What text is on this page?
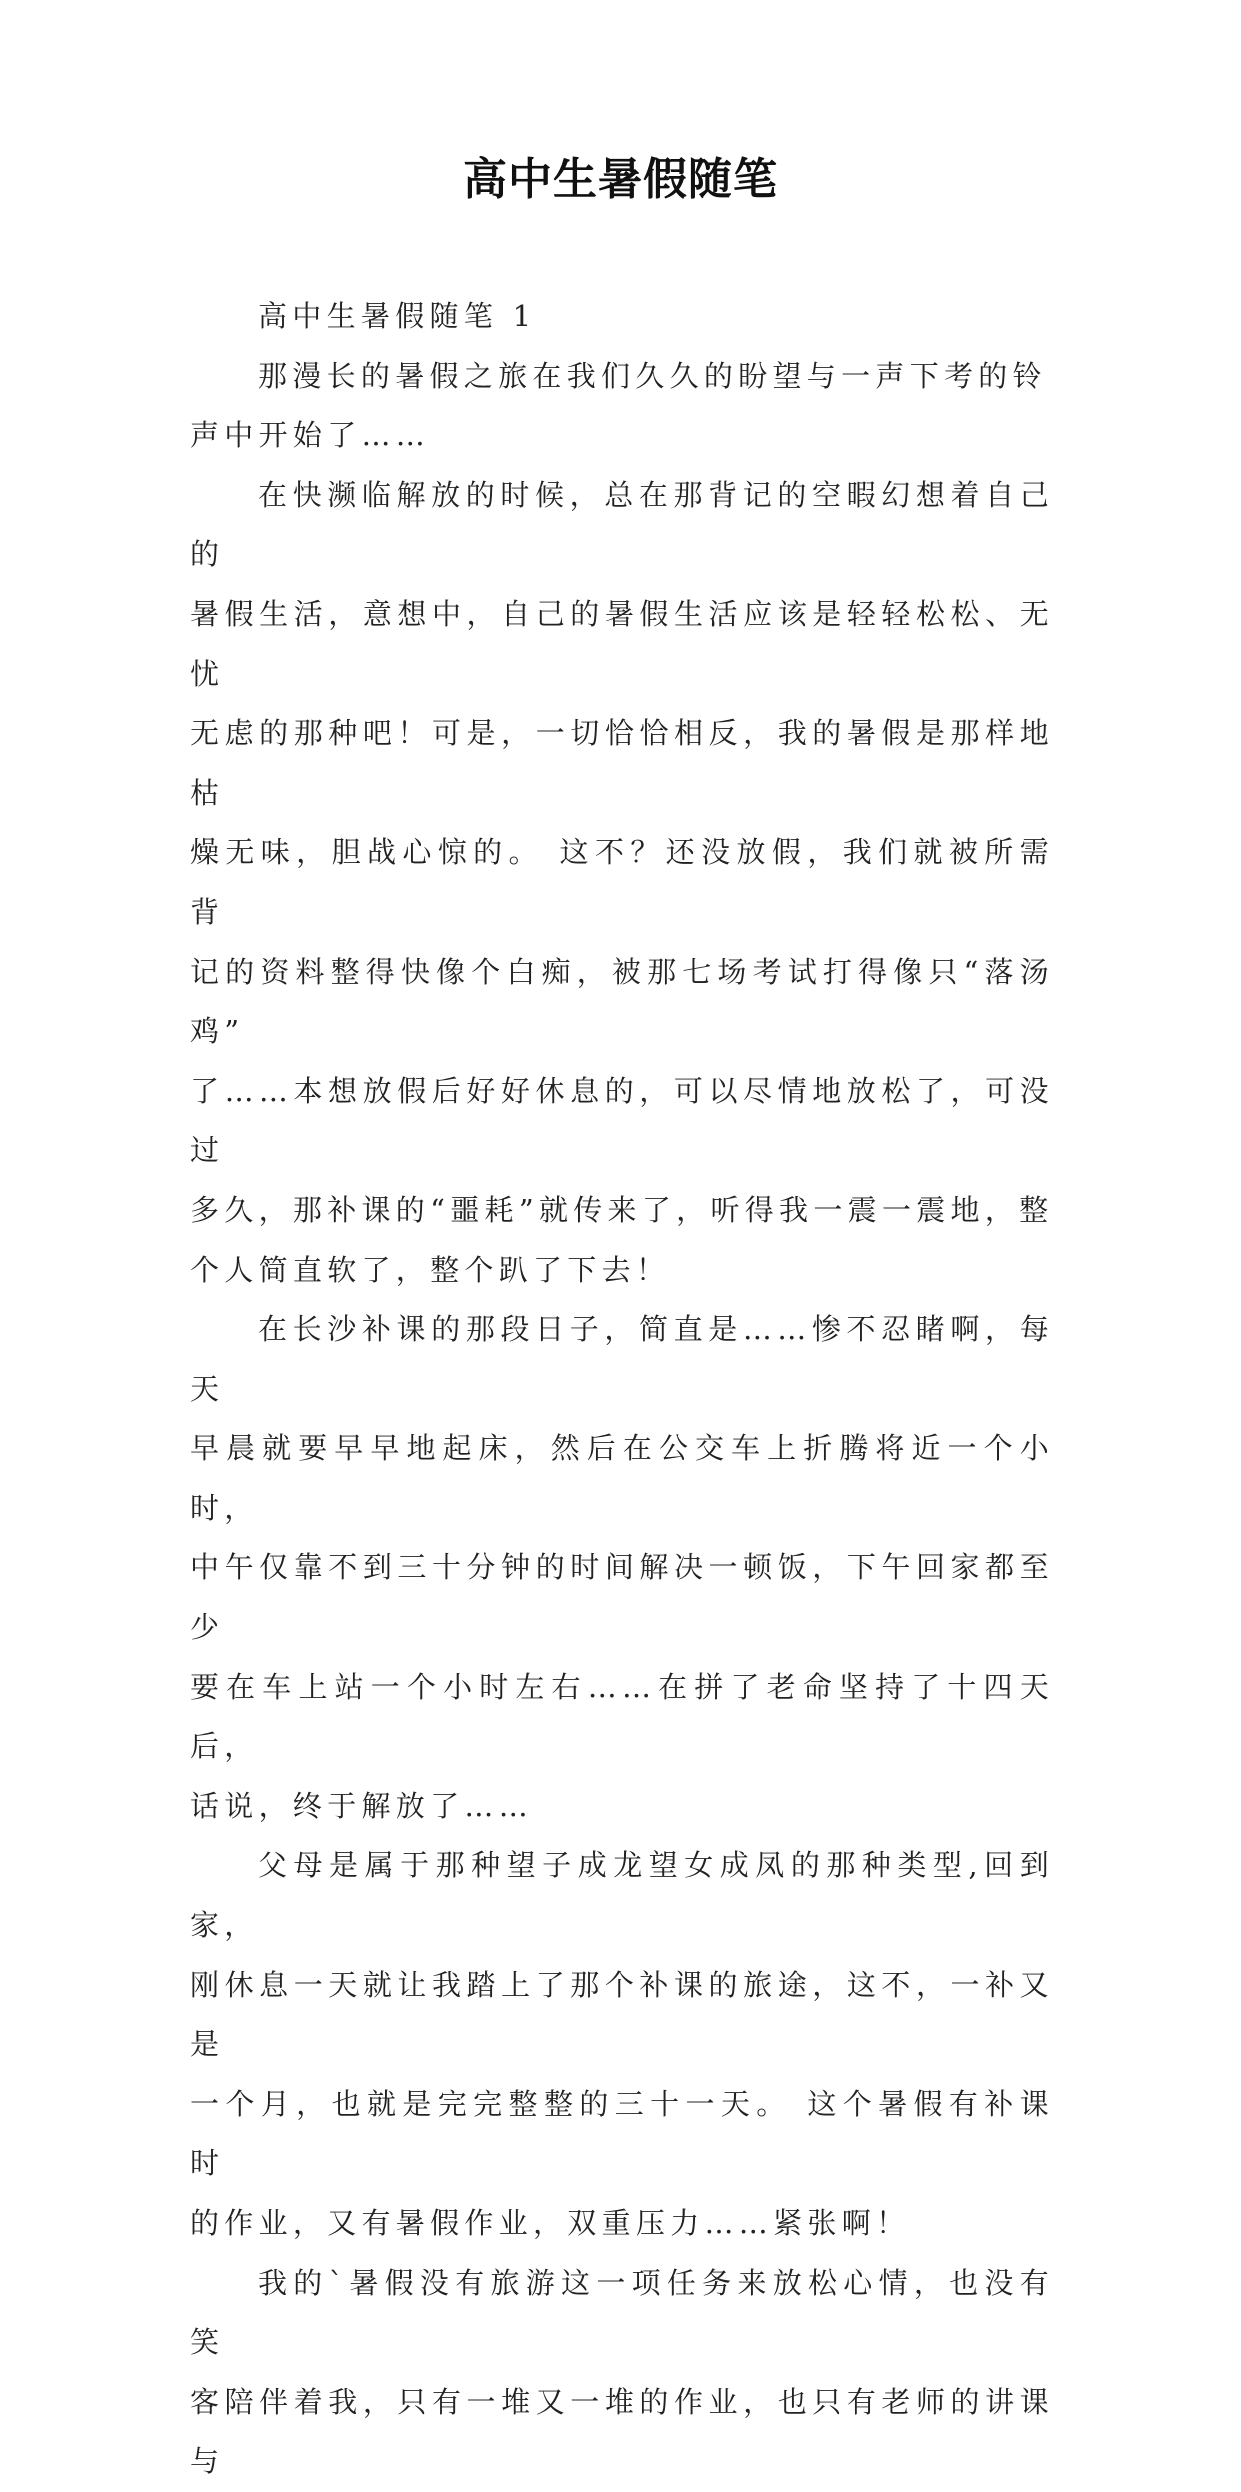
高中生暑假随笔

高中生暑假随笔 1

那漫长的暑假之旅在我们久久的盼望与一声下考的铃
声中开始了……

在快濒临解放的时候，总在那背记的空暇幻想着自己的
暑假生活，意想中，自己的暑假生活应该是轻轻松松、无忧
无虑的那种吧！可是，一切恰恰相反，我的暑假是那样地枯
燥无味，胆战心惊的。 这不？还没放假，我们就被所需背
记的资料整得快像个白痴，被那七场考试打得像只“落汤鸡”
了……本想放假后好好休息的，可以尽情地放松了，可没过
多久，那补课的“噩耗”就传来了，听得我一震一震地，整
个人简直软了，整个趴了下去！

在长沙补课的那段日子，简直是……惨不忍睹啊，每天
早晨就要早早地起床，然后在公交车上折腾将近一个小时，
中午仅靠不到三十分钟的时间解决一顿饭，下午回家都至少
要在车上站一个小时左右……在拼了老命坚持了十四天后，
话说，终于解放了……

父母是属于那种望子成龙望女成凤的那种类型,回到家，
刚休息一天就让我踏上了那个补课的旅途，这不，一补又是
一个月，也就是完完整整的三十一天。 这个暑假有补课时
的作业，又有暑假作业，双重压力……紧张啊！

我的`暑假没有旅游这一项任务来放松心情，也没有笑
客陪伴着我，只有一堆又一堆的作业，也只有老师的讲课与
